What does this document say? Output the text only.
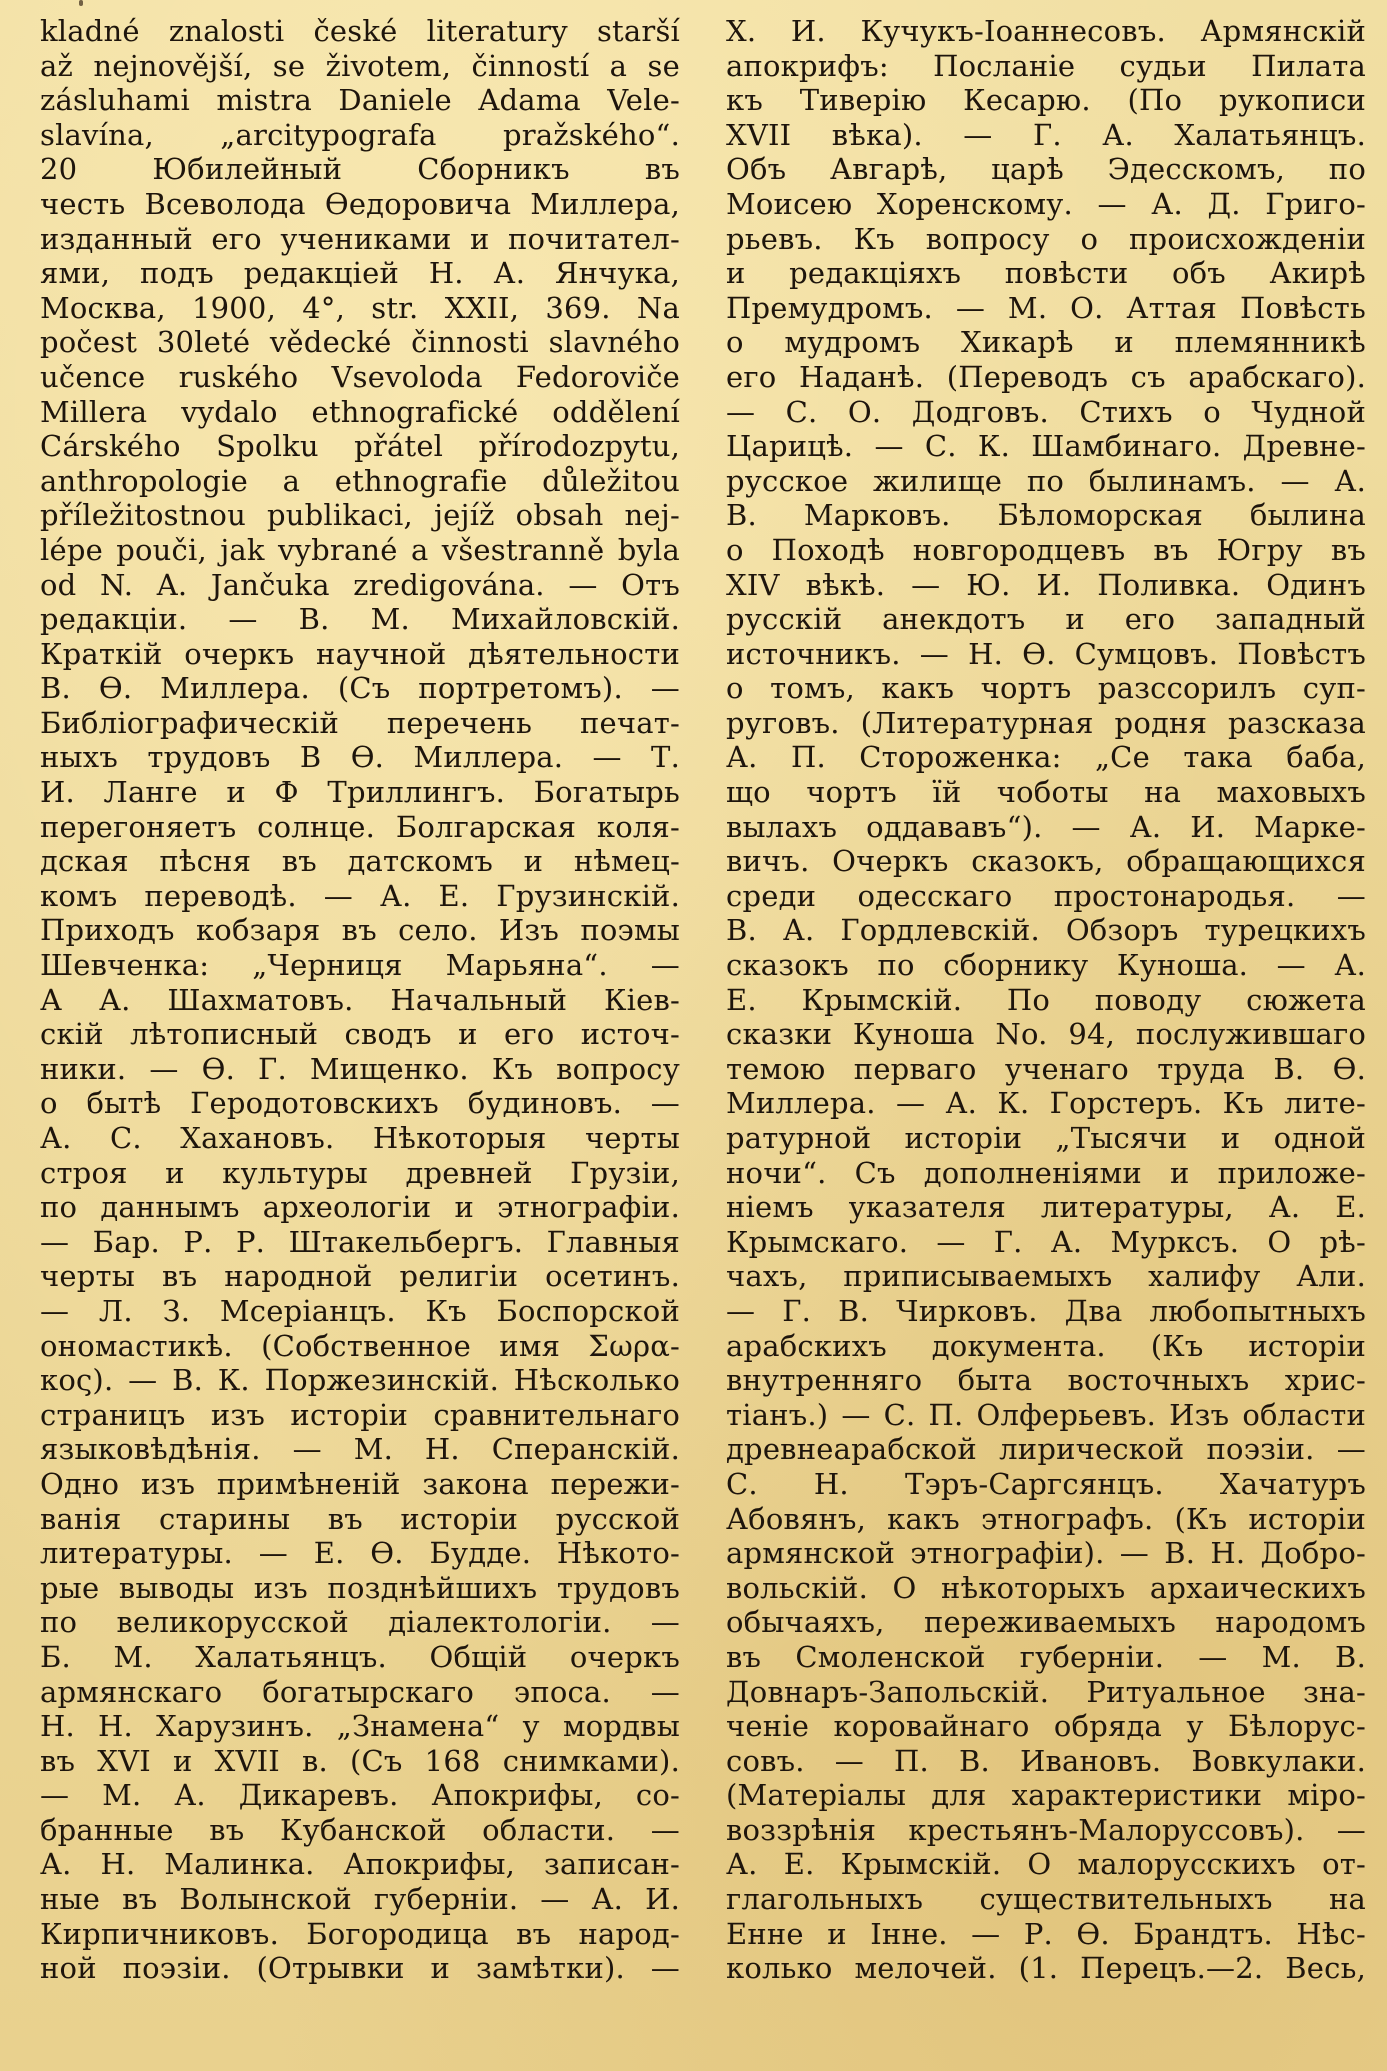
kladné znalosti české literatury starší
až nejnovější, se životem, činností a se
zásluhami mistra Daniele Adama Vele-
slavína, „arcitypografa pražského“.
20 Юбилейный Сборникъ въ
честь Всеволода Өедоровича Миллера,
изданный его учениками и почитател-
ями, подъ редакціей Н. А. Янчука,
Москва, 1900, 4°, str. XXII, 369. Na
počest 30leté vědecké činnosti slavného
učence ruského Vsevoloda Fedoroviče
Millera vydalo ethnografické oddělení
Cárského Spolku přátel přírodozpytu,
anthropologie a ethnografie důležitou
příležitostnou publikaci, jejíž obsah nej-
lépe pouči, jak vybrané a všestranně byla
od N. A. Jančuka zredigována. — Отъ
редакціи. — В. М. Михайловскій.
Краткій очеркъ научной дѣятельности
В. Ө. Миллера. (Съ портретомъ). —
Библіографическій перечень печат-
ныхъ трудовъ В Ө. Миллера. — Т.
И. Ланге и Ф Триллингъ. Богатырь
перегоняетъ солнце. Болгарская коля-
дская пѣсня въ датскомъ и нѣмец-
комъ переводѣ. — А. Е. Грузинскій.
Приходъ кобзаря въ село. Изъ поэмы
Шевченка: „Черниця Марьяна“. —
А А. Шахматовъ. Начальный Кіев-
скій лѣтописный сводъ и его источ-
ники. — Ө. Г. Мищенко. Къ вопросу
о бытѣ Геродотовскихъ будиновъ. —
А. С. Хахановъ. Нѣкоторыя черты
строя и культуры древней Грузіи,
по даннымъ археологіи и этнографіи.
— Бар. Р. Р. Штакельбергъ. Главныя
черты въ народной религіи осетинъ.
— Л. З. Мсеріанцъ. Къ Боспорской
ономастикѣ. (Собственное имя Σωρα-
κος). — В. К. Поржезинскій. Нѣсколько
страницъ изъ исторіи сравнительнаго
языковѣдѣнія. — М. Н. Сперанскій.
Одно изъ примѣненій закона пережи-
ванія старины въ исторіи русской
литературы. — Е. Ө. Будде. Нѣкото-
рые выводы изъ позднѣйшихъ трудовъ
по великорусской діалектологіи. —
Б. М. Халатьянцъ. Общій очеркъ
армянскаго богатырскаго эпоса. —
Н. Н. Харузинъ. „Знамена“ у мордвы
въ XVI и XVII в. (Съ 168 снимками).
— М. А. Дикаревъ. Апокрифы, со-
бранные въ Кубанской области. —
А. Н. Малинка. Апокрифы, записан-
ные въ Волынской губерніи. — А. И.
Кирпичниковъ. Богородица въ народ-
ной поэзіи. (Отрывки и замѣтки). —
Х. И. Кучукъ-Іоаннесовъ. Армянскій
апокрифъ: Посланіе судьи Пилата
къ Тиверію Кесарю. (По рукописи
XVII вѣка). — Г. А. Халатьянцъ.
Объ Авгарѣ, царѣ Эдесскомъ, по
Моисею Хоренскому. — А. Д. Григо-
рьевъ. Къ вопросу о происхожденіи
и редакціяхъ повѣсти объ Акирѣ
Премудромъ. — М. О. Аттая Повѣсть
о мудромъ Хикарѣ и племянникѣ
его Наданѣ. (Переводъ съ арабскаго).
— С. О. Додговъ. Стихъ о Чудной
Царицѣ. — С. К. Шамбинаго. Древне-
русское жилище по былинамъ. — А.
В. Марковъ. Бѣломорская былина
о Походѣ новгородцевъ въ Югру въ
XIV вѣкѣ. — Ю. И. Поливка. Одинъ
русскій анекдотъ и его западный
источникъ. — Н. Ө. Сумцовъ. Повѣстъ
о томъ, какъ чортъ разссорилъ суп-
руговъ. (Литературная родня разсказа
А. П. Стороженка: „Се така баба,
що чортъ їй чоботы на маховыхъ
вылахъ оддававъ“). — А. И. Марке-
вичъ. Очеркъ сказокъ, обращающихся
среди одесскаго простонародья. —
В. А. Гордлевскій. Обзоръ турецкихъ
сказокъ по сборнику Куноша. — А.
Е. Крымскій. По поводу сюжета
сказки Куноша No. 94, послужившаго
темою перваго ученаго труда В. Ө.
Миллера. — А. К. Горстеръ. Къ лите-
ратурной исторіи „Тысячи и одной
ночи“. Съ дополненіями и приложе-
ніемъ указателя литературы, А. Е.
Крымскаго. — Г. А. Мурксъ. О рѣ-
чахъ, приписываемыхъ халифу Али.
— Г. В. Чирковъ. Два любопытныхъ
арабскихъ документа. (Къ исторіи
внутренняго быта восточныхъ хрис-
тіанъ.) — С. П. Олферьевъ. Изъ области
древнеарабской лирической поэзіи. —
С. Н. Тэръ-Саргсянцъ. Хачатуръ
Абовянъ, какъ этнографъ. (Къ исторіи
армянской этнографіи). — В. Н. Добро-
вольскій. О нѣкоторыхъ архаическихъ
обычаяхъ, переживаемыхъ народомъ
въ Смоленской губерніи. — М. В.
Довнаръ-Запольскій. Ритуальное зна-
ченіе коровайнаго обряда у Бѣлорус-
совъ. — П. В. Ивановъ. Вовкулаки.
(Матеріалы для характеристики міро-
воззрѣнія крестьянъ-Малоруссовъ). —
А. Е. Крымскій. О малорусскихъ от-
глагольныхъ существительныхъ на
Енне и Інне. — Р. Ө. Брандтъ. Нѣс-
колько мелочей. (1. Перецъ.—2. Весь,
